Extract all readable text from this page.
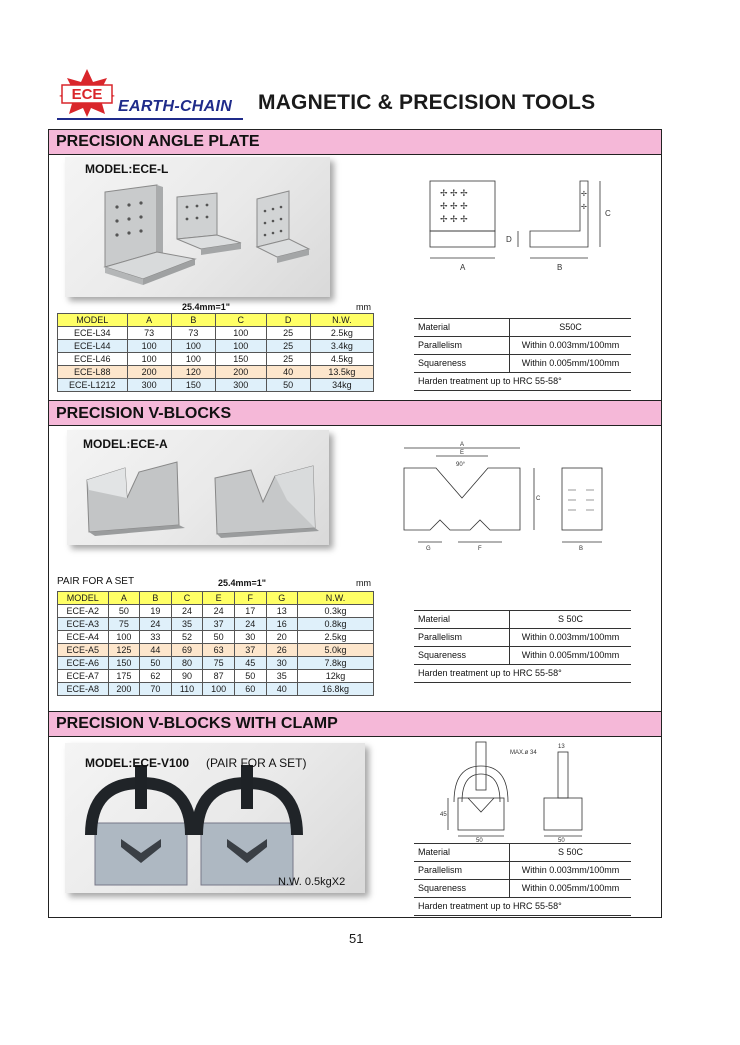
ECE
EARTH-CHAIN MAGNETIC & PRECISION TOOLS
PRECISION ANGLE PLATE
MODEL:ECE-L
✢ ✢ ✢
✢ ✢ ✢
✢ ✢ ✢
✢
✢
A	B
C
D
25.4mm=1"	mm
MODEL	A	B	C	D	N.W.
ECE-L34	73	73	100	25	2.5kg
ECE-L44	100	100	100	25	3.4kg
ECE-L46	100	100	150	25	4.5kg
ECE-L88	200	120	200	40	13.5kg
ECE-L1212	300	150	300	50	34kg
Material	S50C
Parallelism	Within 0.003mm/100mm
Squareness	Within 0.005mm/100mm
Harden treatment up to HRC 55-58°
PRECISION V-BLOCKS
MODEL:ECE-A	A
E
90°
C
G	F	B
PAIR FOR A SET	25.4mm=1"	mm
MODEL	A	B	C	E	F	G	N.W.
ECE-A2	50	19	24	24	17	13	0.3kg
ECE-A3	75	24	35	37	24	16	0.8kg
ECE-A4	100	33	52	50	30	20	2.5kg
ECE-A5	125	44	69	63	37	26	5.0kg
ECE-A6	150	50	80	75	45	30	7.8kg
ECE-A7	175	62	90	87	50	35	12kg
ECE-A8	200	70	110	100	60	40	16.8kg
Material	S 50C
Parallelism	Within 0.003mm/100mm
Squareness	Within 0.005mm/100mm
Harden treatment up to HRC 55-58°
PRECISION V-BLOCKS WITH CLAMP
MODEL:ECE-V100 (PAIR FOR A SET)
N.W. 0.5kgX2
MAX.ø 34
13
45
50	50
Material	S 50C
Parallelism	Within 0.003mm/100mm
Squareness	Within 0.005mm/100mm
Harden treatment up to HRC 55-58°
51
